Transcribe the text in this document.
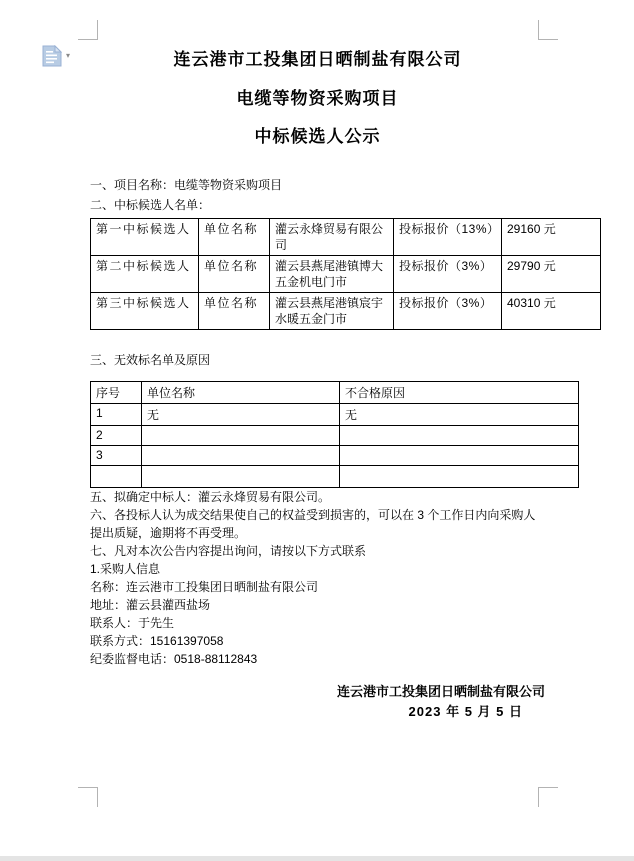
▾	连云港市工投集团日晒制盐有限公司

电缆等物资采购项目

中标候选人公示

一、项目名称：电缆等物资采购项目

二、中标候选人名单：

第一中标候选人	单位名称	灌云永烽贸易有限公司	投标报价（13%）	29160 元
第二中标候选人	单位名称	灌云县燕尾港镇博大五金机电门市	投标报价（3%）	29790 元
第三中标候选人	单位名称	灌云县燕尾港镇宸宇水暖五金门市	投标报价（3%）	40310 元

三、无效标名单及原因

序号	单位名称	不合格原因
1	无	无
2		
3		

五、拟确定中标人：灌云永烽贸易有限公司。

六、各投标人认为成交结果使自己的权益受到损害的，可以在 3 个工作日内向采购人提出质疑，逾期将不再受理。

七、凡对本次公告内容提出询问，请按以下方式联系

1.采购人信息

名称：连云港市工投集团日晒制盐有限公司

地址：灌云县灌西盐场

联系人：于先生

联系方式：15161397058

纪委监督电话：0518-88112843

连云港市工投集团日晒制盐有限公司

2023 年 5 月 5 日
